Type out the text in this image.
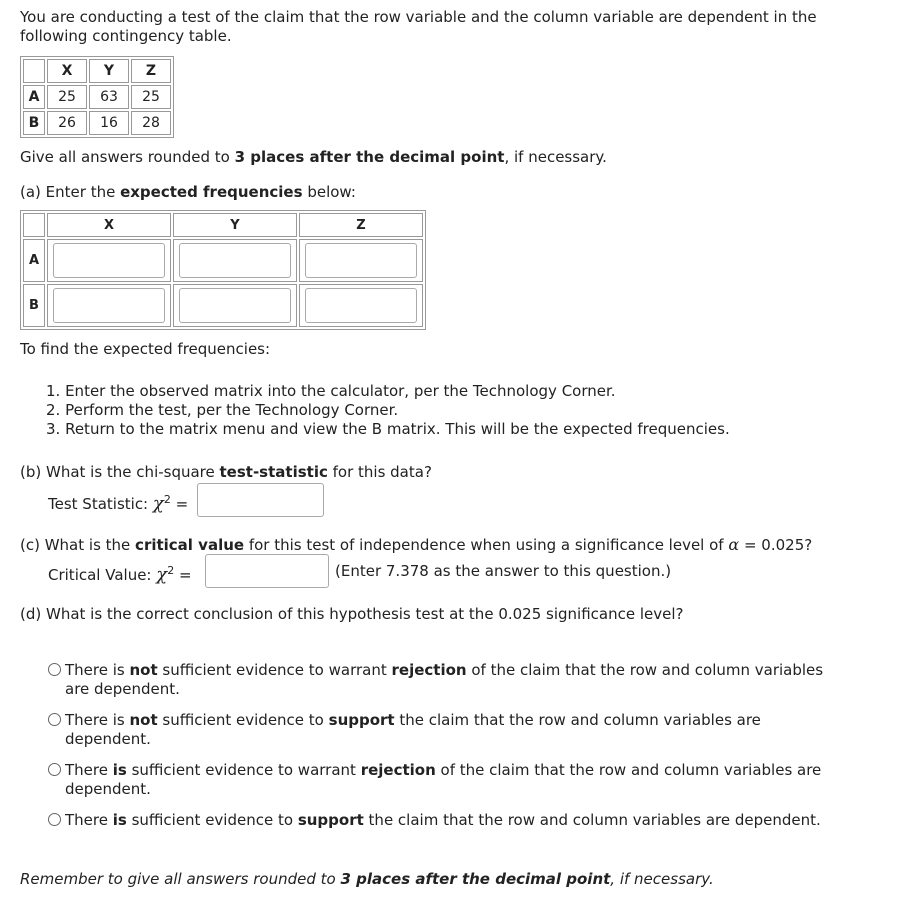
You are conducting a test of the claim that the row variable and the column variable are dependent in the following contingency table.
	X	Y	Z
A	25	63	25
B	26	16	28
Give all answers rounded to 3 places after the decimal point, if necessary.
(a) Enter the expected frequencies below:
	X	Y	Z
A	

B	

To find the expected frequencies:
1. Enter the observed matrix into the calculator, per the Technology Corner.
2. Perform the test, per the Technology Corner.
3. Return to the matrix menu and view the B matrix. This will be the expected frequencies.
(b) What is the chi-square test-statistic for this data?
Test Statistic: $\chi^2$ =
(c) What is the critical value for this test of independence when using a significance level of α = 0.025?
Critical Value: $\chi^2$ =	(Enter 7.378 as the answer to this question.)
(d) What is the correct conclusion of this hypothesis test at the 0.025 significance level?
There is not sufficient evidence to warrant rejection of the claim that the row and column variables
are dependent.
There is not sufficient evidence to support the claim that the row and column variables are
dependent.
There is sufficient evidence to warrant rejection of the claim that the row and column variables are
dependent.
There is sufficient evidence to support the claim that the row and column variables are dependent.
Remember to give all answers rounded to 3 places after the decimal point, if necessary.
